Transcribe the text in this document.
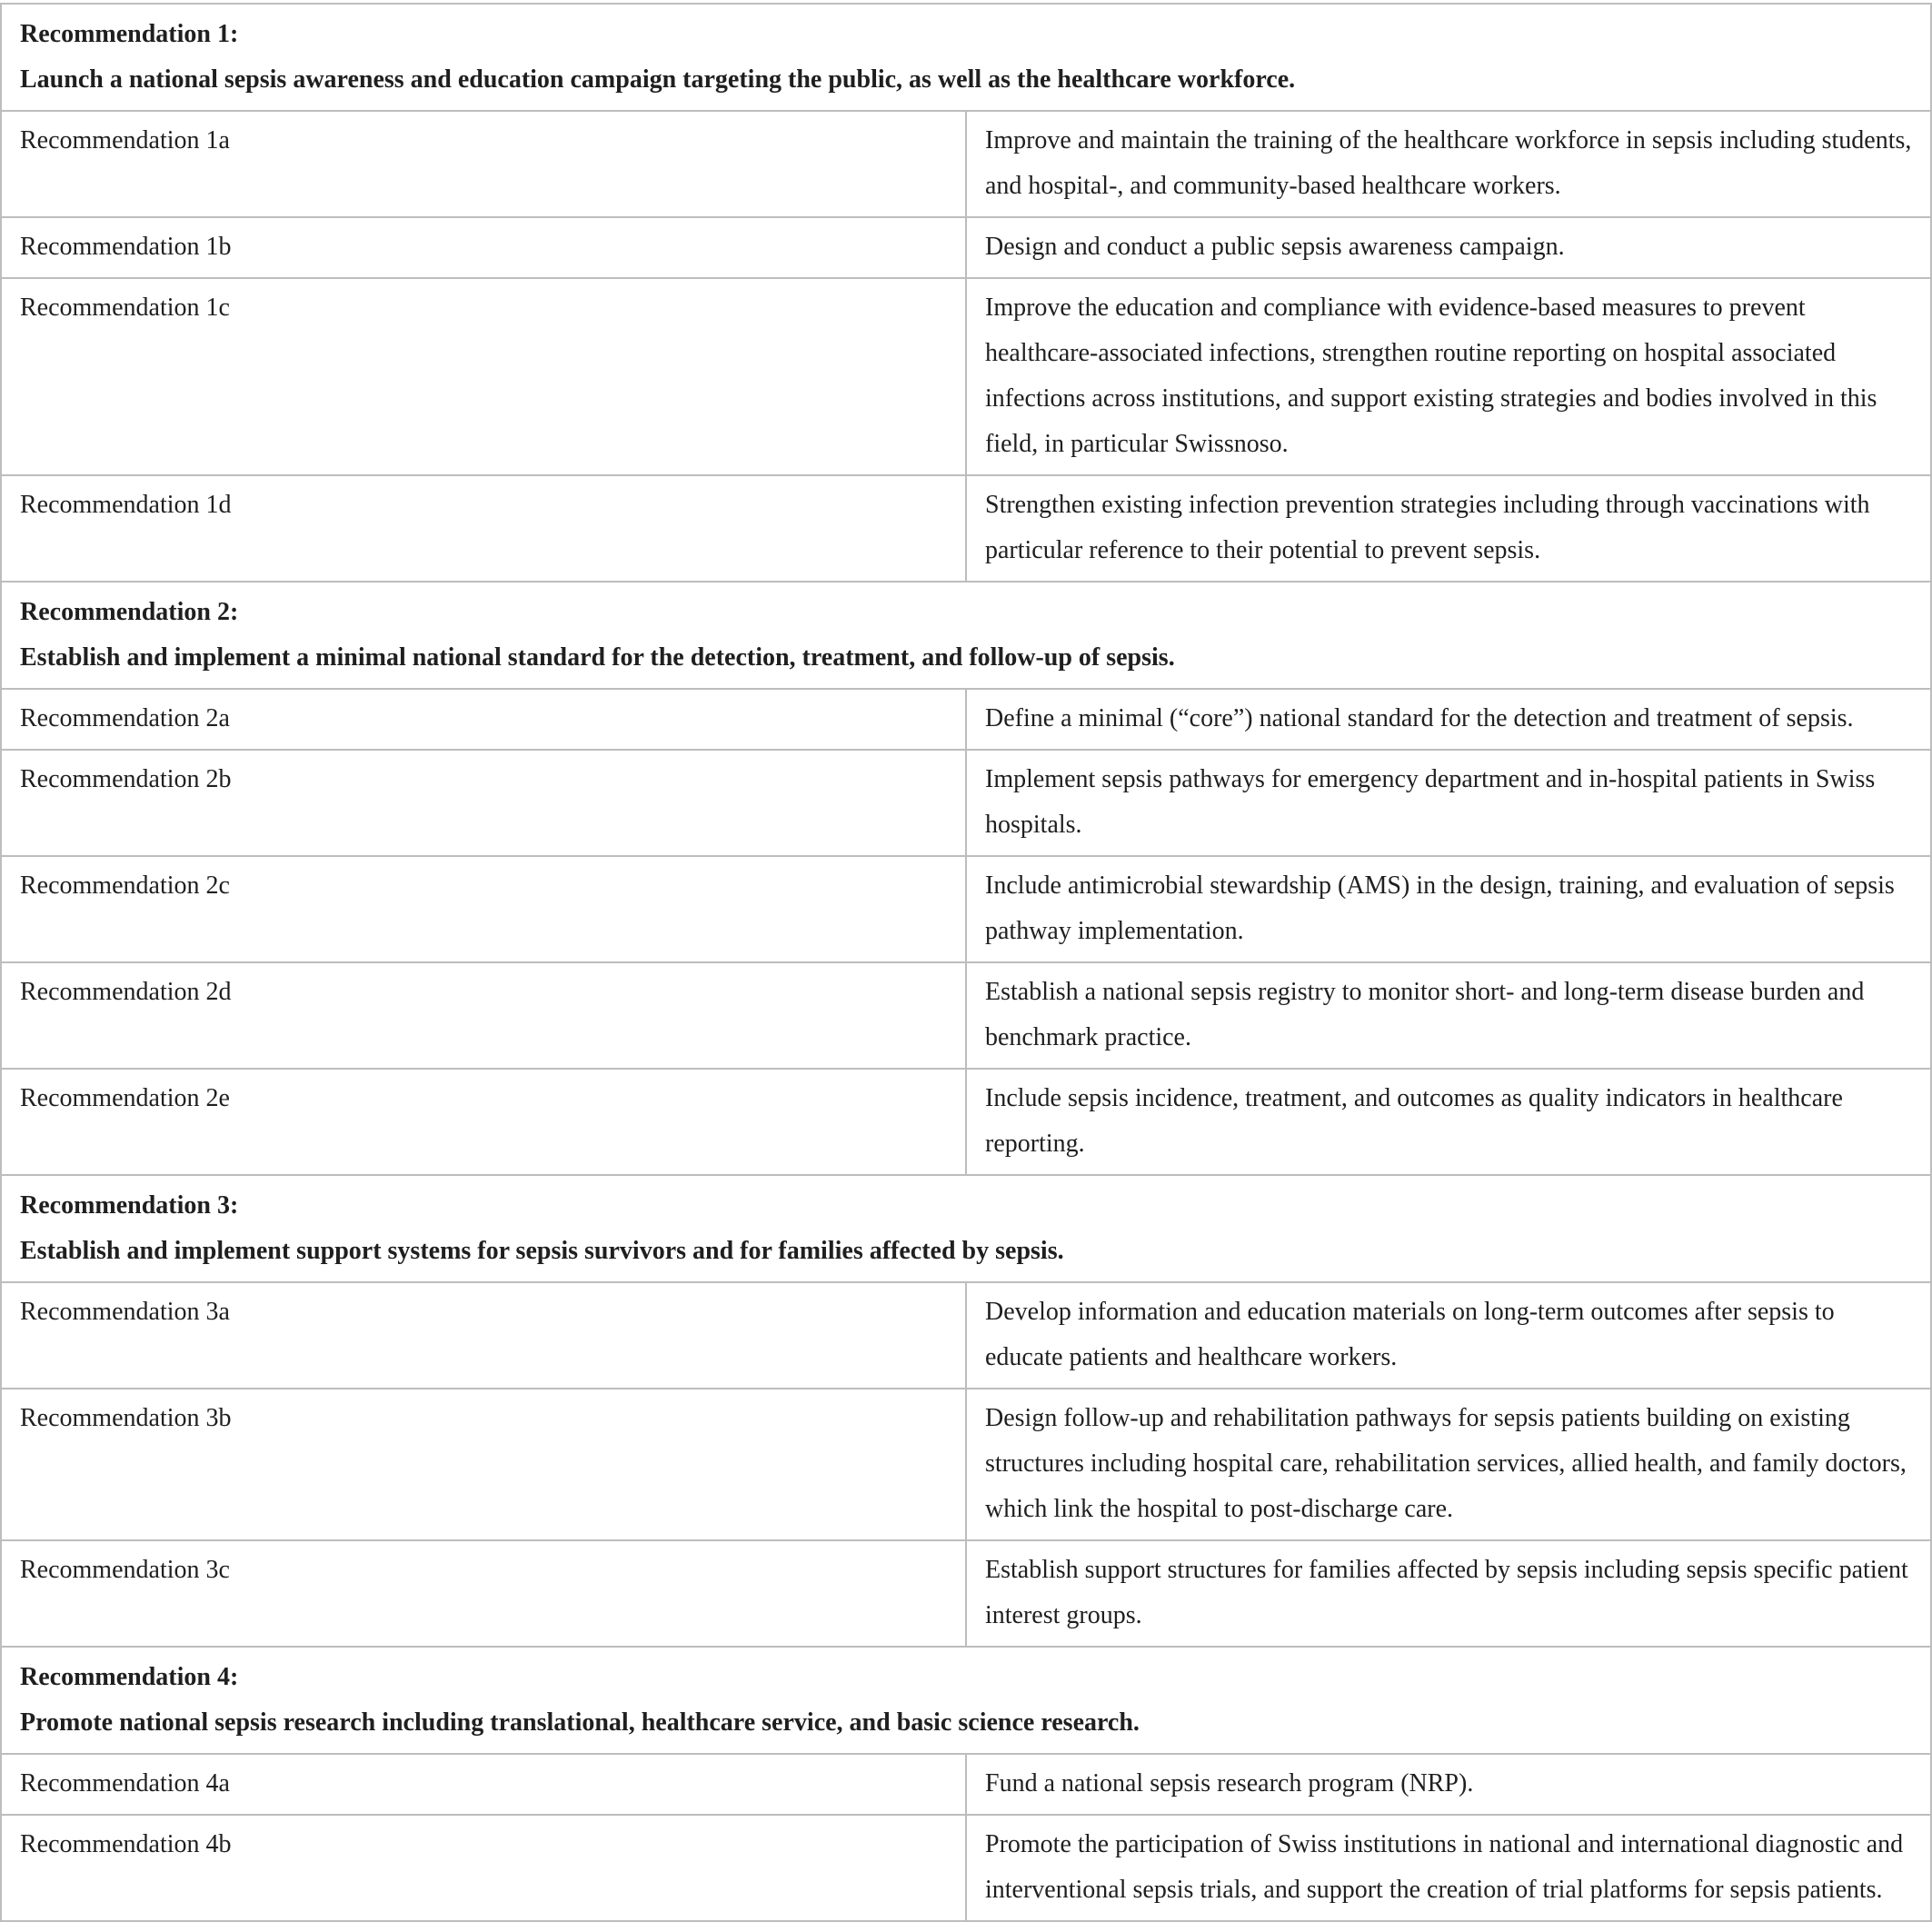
Recommendation 1:
Launch a national sepsis awareness and education campaign targeting the public, as well as the healthcare workforce.	

Recommendation 1a	Improve and maintain the training of the healthcare workforce in sepsis including students, and hospital-, and community-based healthcare workers.
Recommendation 1b	Design and conduct a public sepsis awareness campaign.
Recommendation 1c	Improve the education and compliance with evidence-based measures to prevent healthcare-associated infections, strengthen routine reporting on hospital associated infections across institutions, and support existing strategies and bodies involved in this field, in particular Swissnoso.
Recommendation 1d	Strengthen existing infection prevention strategies including through vaccinations with particular reference to their potential to prevent sepsis.

Recommendation 2:
Establish and implement a minimal national standard for the detection, treatment, and follow-up of sepsis.	

Recommendation 2a	Define a minimal (“core”) national standard for the detection and treatment of sepsis.
Recommendation 2b	Implement sepsis pathways for emergency department and in-hospital patients in Swiss hospitals.
Recommendation 2c	Include antimicrobial stewardship (AMS) in the design, training, and evaluation of sepsis pathway implementation.
Recommendation 2d	Establish a national sepsis registry to monitor short- and long-term disease burden and benchmark practice.
Recommendation 2e	Include sepsis incidence, treatment, and outcomes as quality indicators in healthcare reporting.

Recommendation 3:
Establish and implement support systems for sepsis survivors and for families affected by sepsis.	

Recommendation 3a	Develop information and education materials on long-term outcomes after sepsis to educate patients and healthcare workers.
Recommendation 3b	Design follow-up and rehabilitation pathways for sepsis patients building on existing structures including hospital care, rehabilitation services, allied health, and family doctors, which link the hospital to post-discharge care.
Recommendation 3c	Establish support structures for families affected by sepsis including sepsis specific patient interest groups.

Recommendation 4:
Promote national sepsis research including translational, healthcare service, and basic science research.	

Recommendation 4a	Fund a national sepsis research program (NRP).
Recommendation 4b	Promote the participation of Swiss institutions in national and international diagnostic and interventional sepsis trials, and support the creation of trial platforms for sepsis patients.
